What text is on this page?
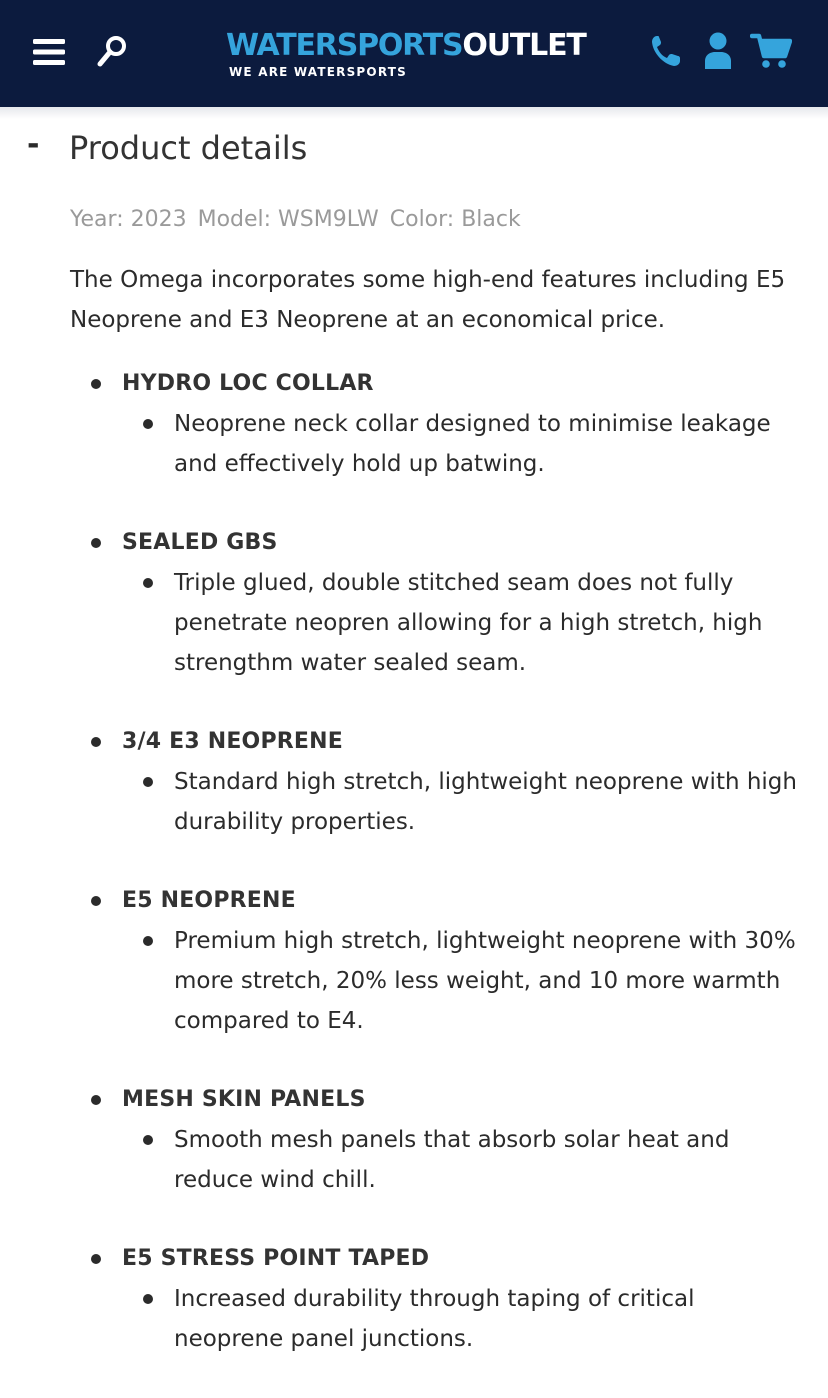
WATERSPORTSOUTLET
WE ARE WATERSPORTS
- Product details
Year: 2023 Model: WSM9LW Color: Black

The Omega incorporates some high-end features including E5 Neoprene and E3 Neoprene at an economical price.

HYDRO LOC COLLAR
Neoprene neck collar designed to minimise leakage and effectively hold up batwing.
SEALED GBS
Triple glued, double stitched seam does not fully penetrate neopren allowing for a high stretch, high strengthm water sealed seam.
3/4 E3 NEOPRENE
Standard high stretch, lightweight neoprene with high durability properties.
E5 NEOPRENE
Premium high stretch, lightweight neoprene with 30% more stretch, 20% less weight, and 10 more warmth compared to E4.
MESH SKIN PANELS
Smooth mesh panels that absorb solar heat and reduce wind chill.
E5 STRESS POINT TAPED
Increased durability through taping of critical neoprene panel junctions.
